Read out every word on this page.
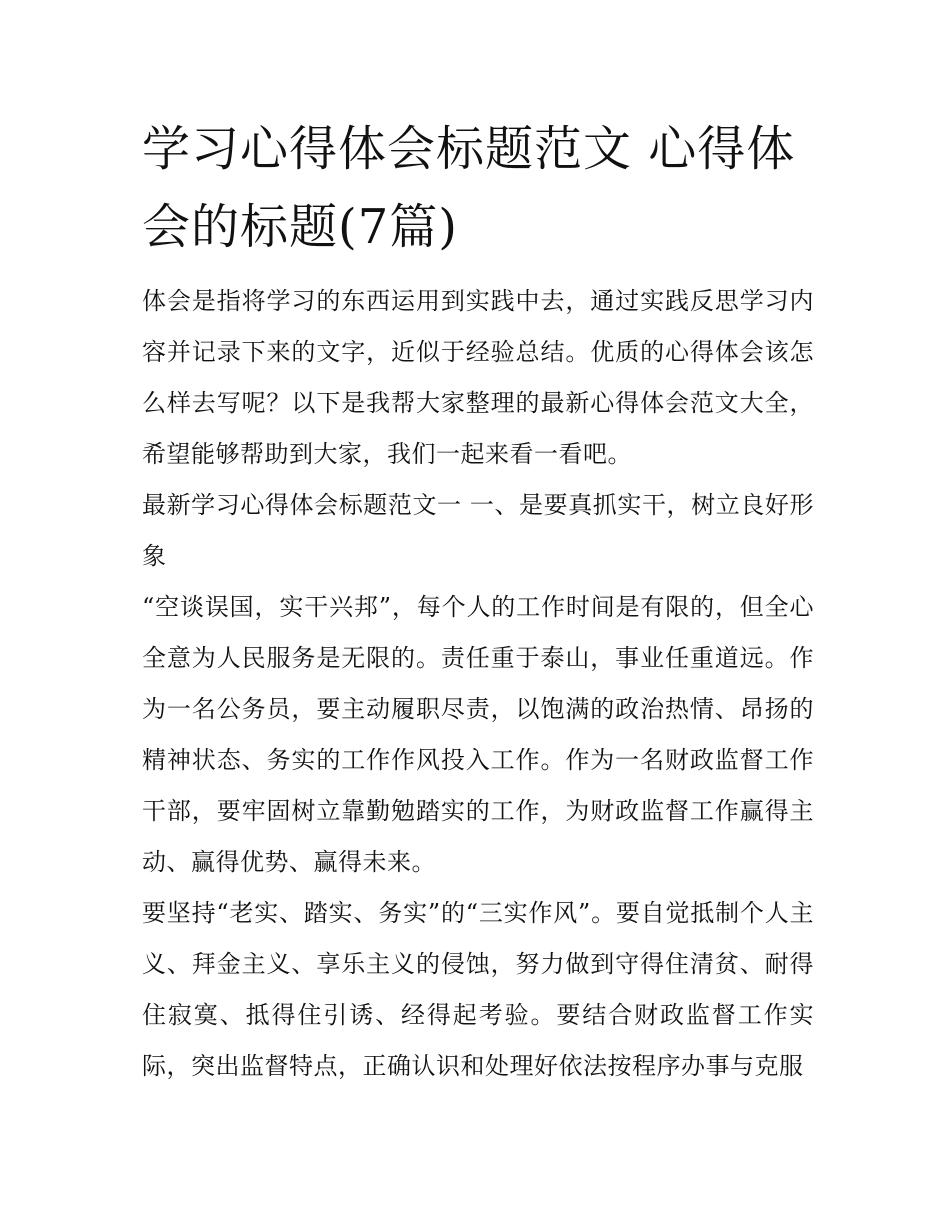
学习心得体会标题范文 心得体会的标题(7篇)

体会是指将学习的东西运用到实践中去，通过实践反思学习内容并记录下来的文字，近似于经验总结。优质的心得体会该怎么样去写呢？以下是我帮大家整理的最新心得体会范文大全，希望能够帮助到大家，我们一起来看一看吧。

最新学习心得体会标题范文一 一、是要真抓实干，树立良好形象

“空谈误国，实干兴邦”，每个人的工作时间是有限的，但全心全意为人民服务是无限的。责任重于泰山，事业任重道远。作为一名公务员，要主动履职尽责，以饱满的政治热情、昂扬的精神状态、务实的工作作风投入工作。作为一名财政监督工作干部，要牢固树立靠勤勉踏实的工作，为财政监督工作赢得主动、赢得优势、赢得未来。

要坚持“老实、踏实、务实”的“三实作风”。要自觉抵制个人主义、拜金主义、享乐主义的侵蚀，努力做到守得住清贫、耐得住寂寞、抵得住引诱、经得起考验。要结合财政监督工作实际，突出监督特点，正确认识和处理好依法按程序办事与克服
